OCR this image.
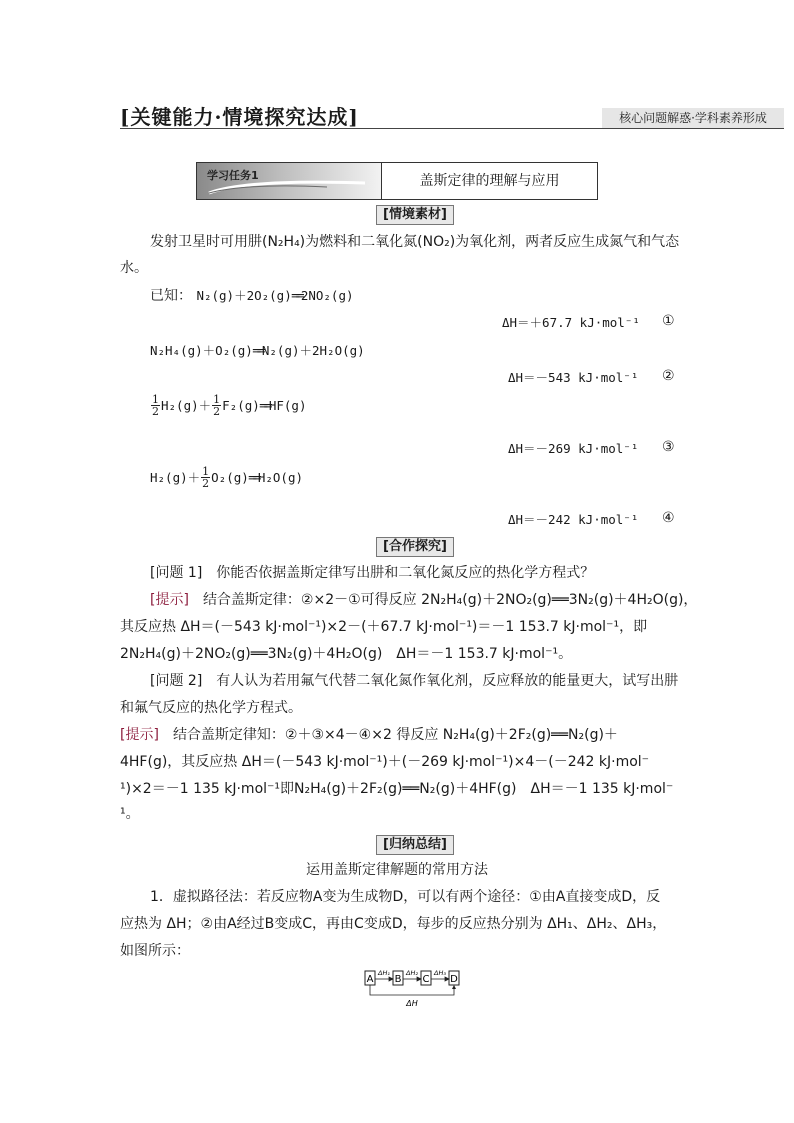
[关键能力·情境探究达成]	核心问题解惑·学科素养形成
学习任务1	盖斯定律的理解与应用
[情境素材]
发射卫星时可用肼(N₂H₄)为燃料和二氧化氮(NO₂)为氧化剂，两者反应生成氮气和气态
水。
已知： N₂(g)＋2O₂(g)══2NO₂(g)
ΔH＝＋67.7 kJ·mol⁻¹ ①
N₂H₄(g)＋O₂(g)══N₂(g)＋2H₂O(g)
ΔH＝－543 kJ·mol⁻¹ ②
$\frac{1}{2} H_2(g)+ \frac{1}{2}$ F₂(g)══HF(g)
ΔH＝－269 kJ·mol⁻¹ ③
$H_2(g)+ \frac{1}{2}$ O₂(g)══H₂O(g)
ΔH＝－242 kJ·mol⁻¹ ④
[合作探究]
[问题 1]　 你能否依据盖斯定律写出肼和二氧化氮反应的热化学方程式？
[提示]　 结合盖斯定律：②×2－①可得反应 2N₂H₄(g)＋2NO₂(g)══3N₂(g)＋4H₂O(g)，
其反应热 ΔH＝(－543 kJ·mol⁻¹)×2－(＋67.7 kJ·mol⁻¹)＝－1 153.7 kJ·mol⁻¹，即
2N₂H₄(g)＋2NO₂(g)══3N₂(g)＋4H₂O(g)　ΔH＝－1 153.7 kJ·mol⁻¹。
[问题 2]　 有人认为若用氟气代替二氧化氮作氧化剂，反应释放的能量更大，试写出肼
和氟气反应的热化学方程式。
[提示]　 结合盖斯定律知：②＋③×4－④×2 得反应 N₂H₄(g)＋2F₂(g)══N₂(g)＋
4HF(g)，其反应热 ΔH＝(－543 kJ·mol⁻¹)＋(－269 kJ·mol⁻¹)×4－(－242 kJ·mol⁻
¹)×2＝－1 135 kJ·mol⁻¹即N₂H₄(g)＋2F₂(g)══N₂(g)＋4HF(g)　ΔH＝－1 135 kJ·mol⁻
¹。
[归纳总结]
运用盖斯定律解题的常用方法
1．虚拟路径法：若反应物A变为生成物D，可以有两个途径：①由A直接变成D，反
应热为 ΔH；②由A经过B变成C，再由C变成D，每步的反应热分别为 ΔH₁、ΔH₂、ΔH₃，
如图所示：
A B C D
ΔH₁ ΔH₂ ΔH₃
ΔH
